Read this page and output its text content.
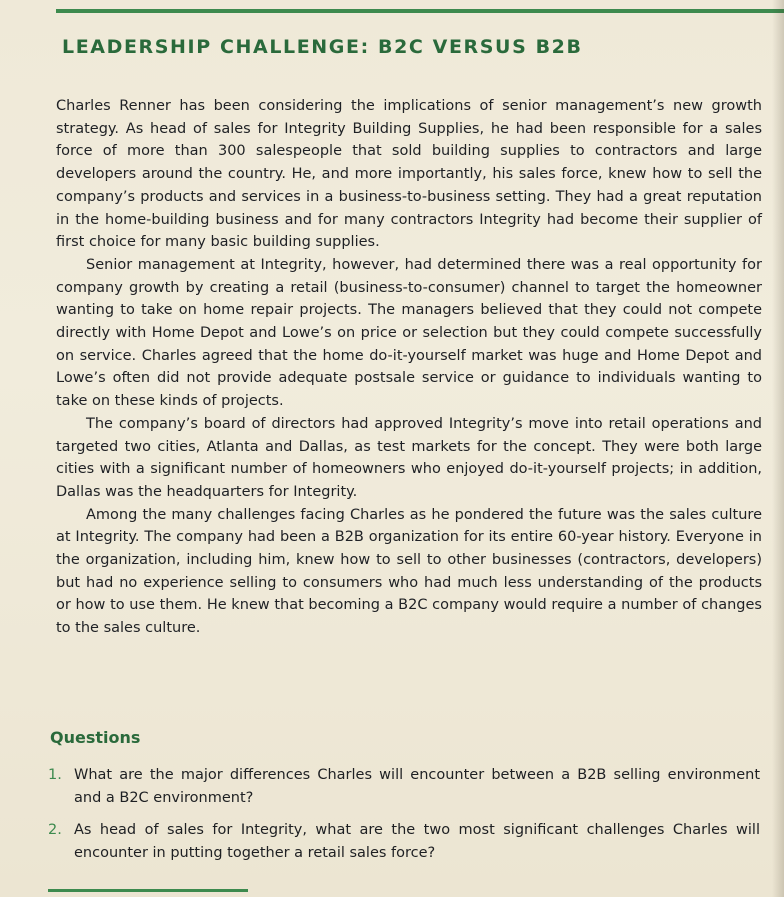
LEADERSHIP CHALLENGE: B2C VERSUS B2B

Charles Renner has been considering the implications of senior management’s new growth strategy. As head of sales for Integrity Building Supplies, he had been responsible for a sales force of more than 300 salespeople that sold building supplies to contractors and large developers around the country. He, and more importantly, his sales force, knew how to sell the company’s products and services in a business-to-business setting. They had a great reputation in the home-building business and for many contractors Integrity had become their supplier of first choice for many basic building supplies.

Senior management at Integrity, however, had determined there was a real opportunity for company growth by creating a retail (business-to-consumer) channel to target the homeowner wanting to take on home repair projects. The managers believed that they could not compete directly with Home Depot and Lowe’s on price or selection but they could compete successfully on service. Charles agreed that the home do-it-yourself market was huge and Home Depot and Lowe’s often did not provide adequate postsale service or guidance to individuals wanting to take on these kinds of projects.

The company’s board of directors had approved Integrity’s move into retail operations and targeted two cities, Atlanta and Dallas, as test markets for the concept. They were both large cities with a significant number of homeowners who enjoyed do-it-yourself projects; in addition, Dallas was the headquarters for Integrity.

Among the many challenges facing Charles as he pondered the future was the sales culture at Integrity. The company had been a B2B organization for its entire 60-year history. Everyone in the organization, including him, knew how to sell to other businesses (contractors, developers) but had no experience selling to consumers who had much less understanding of the products or how to use them. He knew that becoming a B2C company would require a number of changes to the sales culture.

Questions
1. What are the major differences Charles will encounter between a B2B selling environment and a B2C environment?
2. As head of sales for Integrity, what are the two most significant challenges Charles will encounter in putting together a retail sales force?
